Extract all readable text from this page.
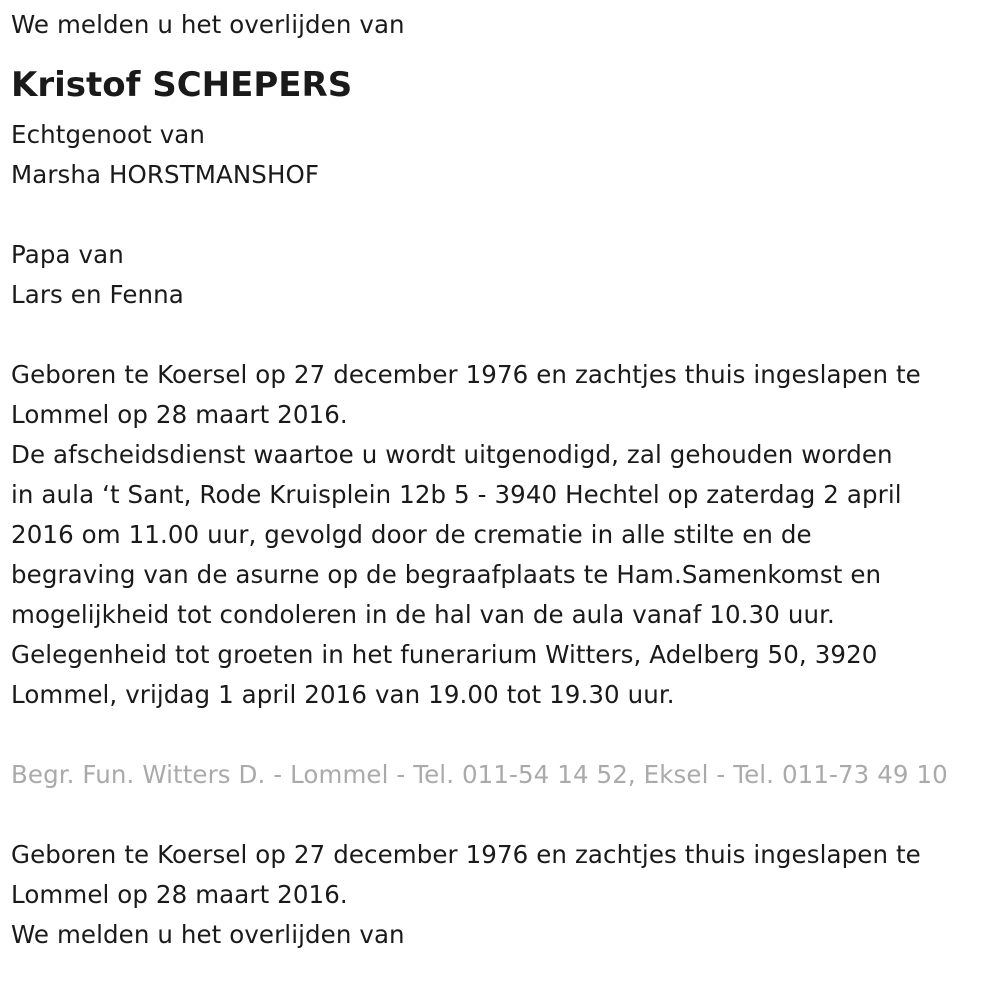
We melden u het overlijden van
Kristof SCHEPERS
Echtgenoot van
Marsha HORSTMANSHOF
Papa van
Lars en Fenna
Geboren te Koersel op 27 december 1976 en zachtjes thuis ingeslapen te
Lommel op 28 maart 2016.
De afscheidsdienst waartoe u wordt uitgenodigd, zal gehouden worden
in aula ‘t Sant, Rode Kruisplein 12b 5 - 3940 Hechtel op zaterdag 2 april
2016 om 11.00 uur, gevolgd door de crematie in alle stilte en de
begraving van de asurne op de begraafplaats te Ham.Samenkomst en
mogelijkheid tot condoleren in de hal van de aula vanaf 10.30 uur.
Gelegenheid tot groeten in het funerarium Witters, Adelberg 50, 3920
Lommel, vrijdag 1 april 2016 van 19.00 tot 19.30 uur.
Begr. Fun. Witters D. - Lommel - Tel. 011-54 14 52, Eksel - Tel. 011-73 49 10
Geboren te Koersel op 27 december 1976 en zachtjes thuis ingeslapen te
Lommel op 28 maart 2016.
We melden u het overlijden van
